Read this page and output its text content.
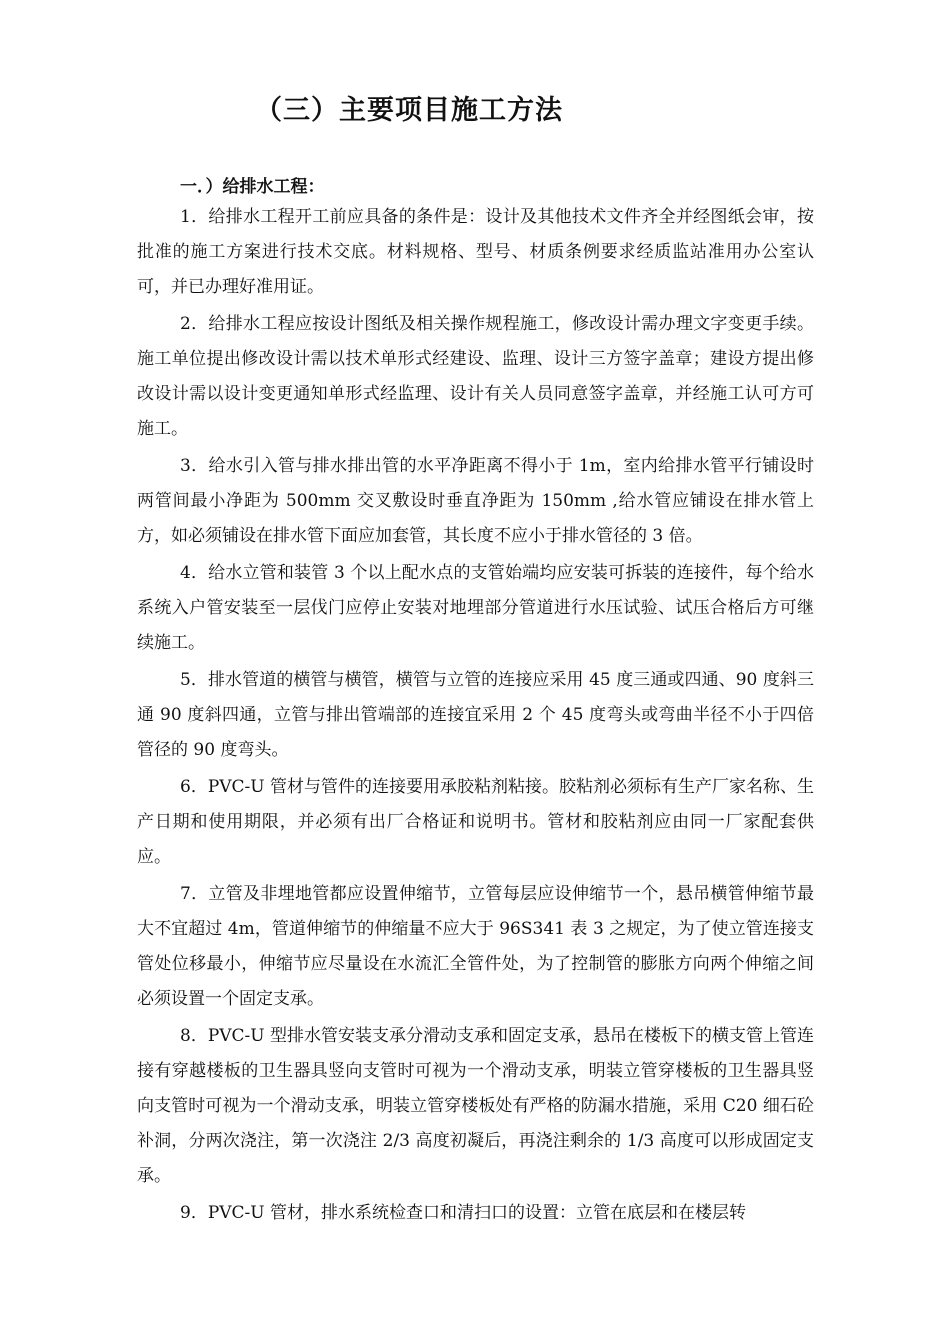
（三）主要项目施工方法
一．）给排水工程：

1．给排水工程开工前应具备的条件是：设计及其他技术文件齐全并经图纸会审，按批准的施工方案进行技术交底。材料规格、型号、材质条例要求经质监站准用办公室认可，并已办理好准用证。

2．给排水工程应按设计图纸及相关操作规程施工，修改设计需办理文字变更手续。施工单位提出修改设计需以技术单形式经建设、监理、设计三方签字盖章；建设方提出修改设计需以设计变更通知单形式经监理、设计有关人员同意签字盖章，并经施工认可方可施工。

3．给水引入管与排水排出管的水平净距离不得小于 1m，室内给排水管平行铺设时两管间最小净距为 500mm 交叉敷设时垂直净距为 150mm ,给水管应铺设在排水管上方，如必须铺设在排水管下面应加套管，其长度不应小于排水管径的 3 倍。

4．给水立管和装管 3 个以上配水点的支管始端均应安装可拆装的连接件，每个给水系统入户管安装至一层伐门应停止安装对地埋部分管道进行水压试验、试压合格后方可继续施工。

5．排水管道的横管与横管，横管与立管的连接应采用 45 度三通或四通、90 度斜三通 90 度斜四通，立管与排出管端部的连接宜采用 2 个 45 度弯头或弯曲半径不小于四倍管径的 90 度弯头。

6．PVC-U 管材与管件的连接要用承胶粘剂粘接。胶粘剂必须标有生产厂家名称、生产日期和使用期限，并必须有出厂合格证和说明书。管材和胶粘剂应由同一厂家配套供应。

7．立管及非埋地管都应设置伸缩节，立管每层应设伸缩节一个，悬吊横管伸缩节最大不宜超过 4m，管道伸缩节的伸缩量不应大于 96S341 表 3 之规定，为了使立管连接支管处位移最小，伸缩节应尽量设在水流汇全管件处，为了控制管的膨胀方向两个伸缩之间必须设置一个固定支承。

8．PVC-U 型排水管安装支承分滑动支承和固定支承，悬吊在楼板下的横支管上管连接有穿越楼板的卫生器具竖向支管时可视为一个滑动支承，明装立管穿楼板的卫生器具竖向支管时可视为一个滑动支承，明装立管穿楼板处有严格的防漏水措施，采用 C20 细石砼补洞，分两次浇注，第一次浇注 2/3 高度初凝后，再浇注剩余的 1/3 高度可以形成固定支承。

9．PVC-U 管材，排水系统检查口和清扫口的设置：立管在底层和在楼层转
